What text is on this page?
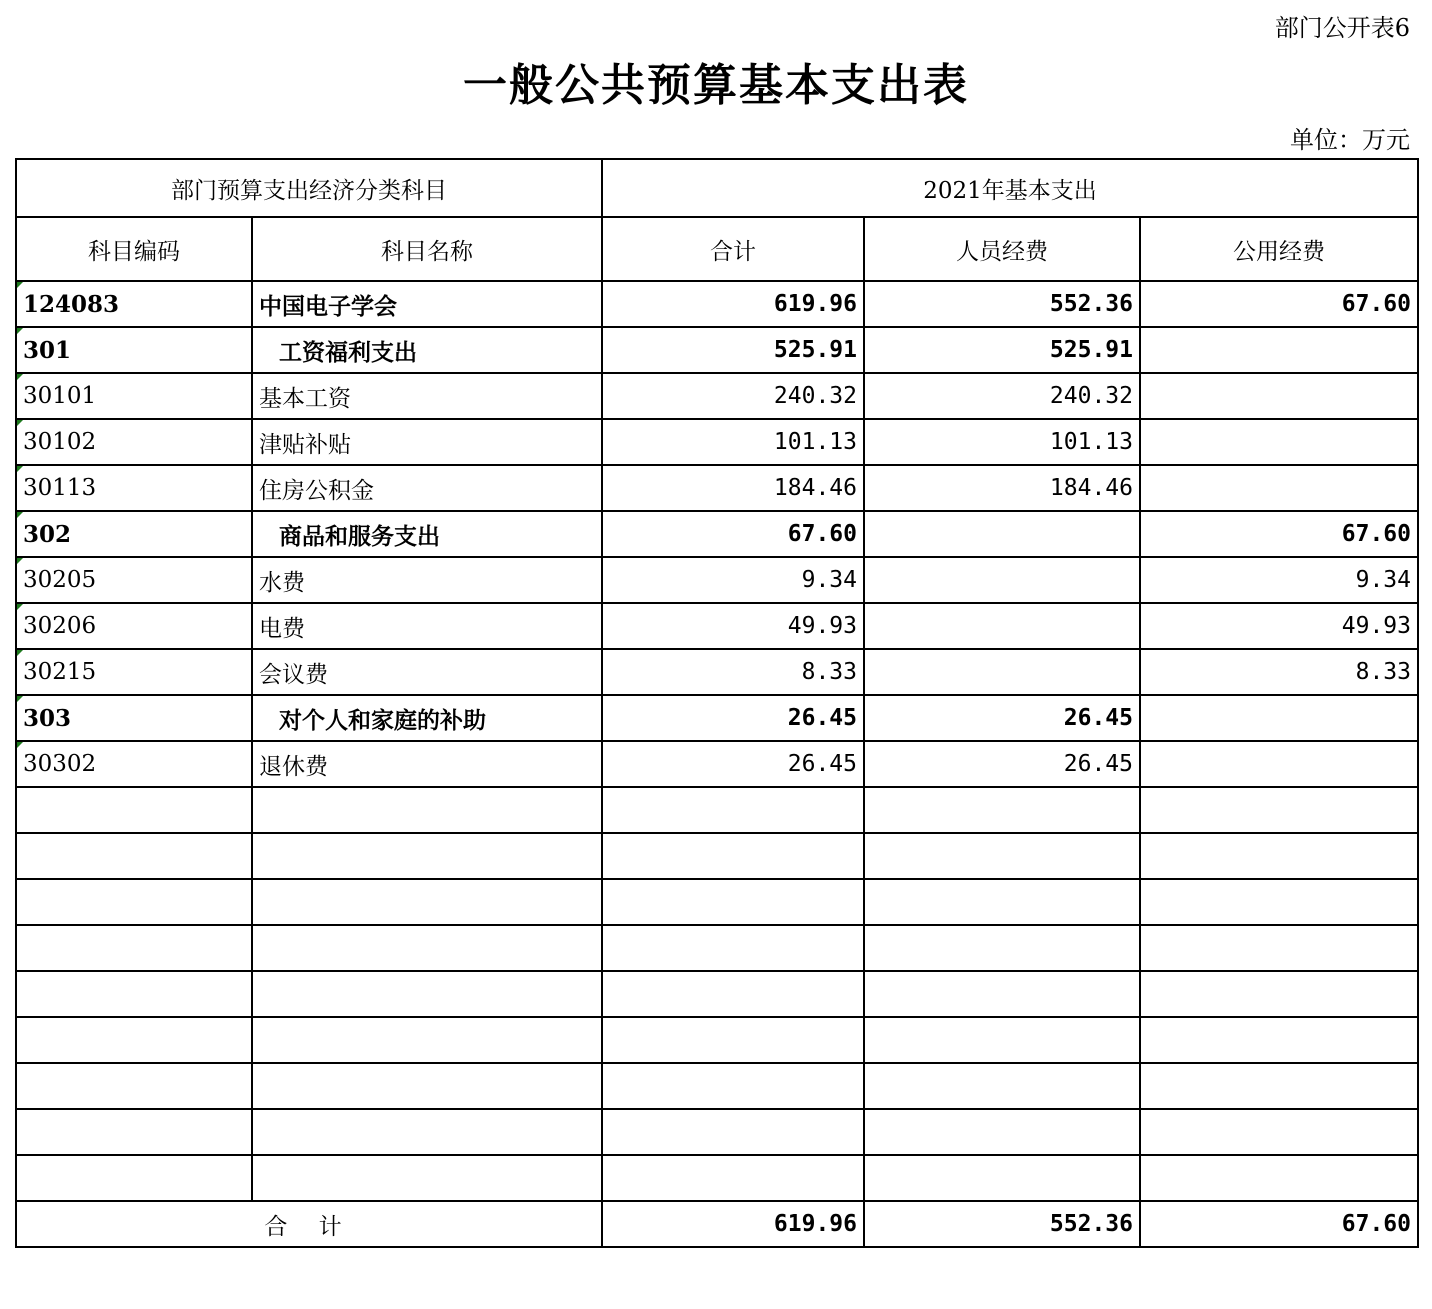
部门公开表6
一般公共预算基本支出表
单位：万元
部门预算支出经济分类科目		2021年基本支出		
科目编码	科目名称	合计	人员经费	公用经费
124083	中国电子学会	619.96	552.36	67.60
301	工资福利支出	525.91	525.91	
30101	基本工资	240.32	240.32	
30102	津贴补贴	101.13	101.13	
30113	住房公积金	184.46	184.46	
302	商品和服务支出	67.60		67.60
30205	水费	9.34		9.34
30206	电费	49.93		49.93
30215	会议费	8.33		8.33
303	对个人和家庭的补助	26.45	26.45	
30302	退休费	26.45	26.45	

合 计		619.96	552.36	67.60
